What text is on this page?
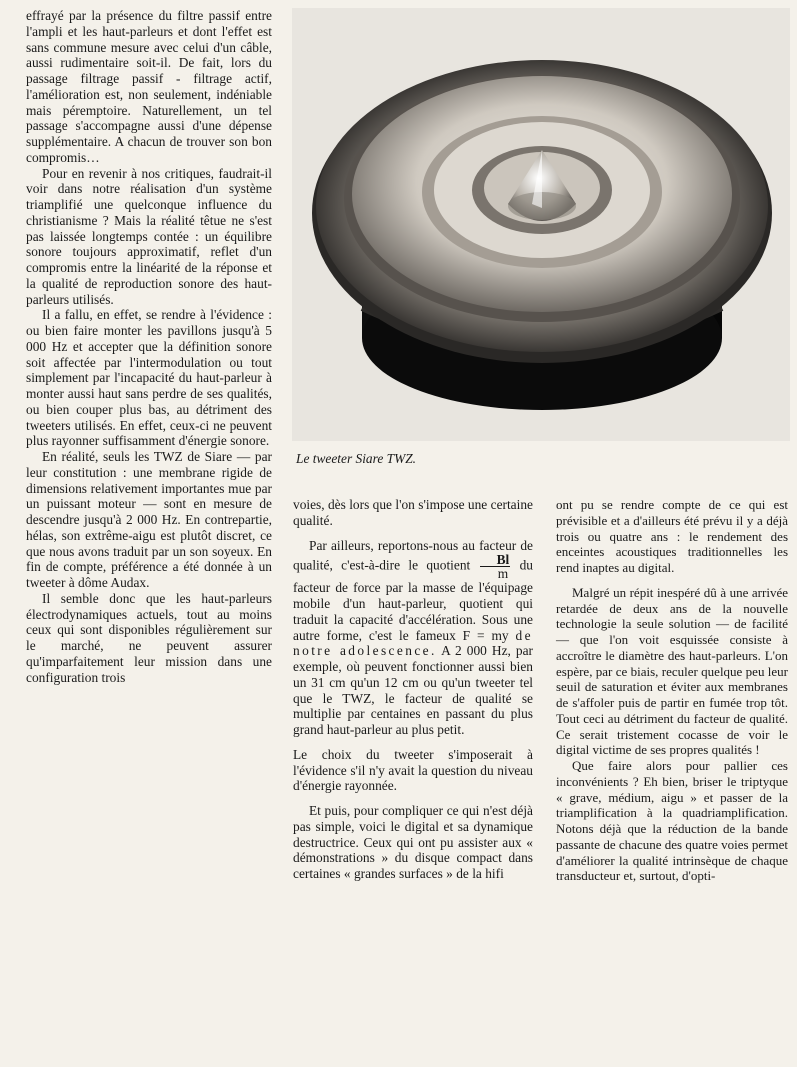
effrayé par la présence du filtre passif entre l'ampli et les haut-parleurs et dont l'effet est sans commune mesure avec celui d'un câble, aussi rudimentaire soit-il. De fait, lors du passage filtrage passif - filtrage actif, l'amélioration est, non seulement, indéniable mais péremptoire. Naturellement, un tel passage s'accompagne aussi d'une dépense supplémentaire. A chacun de trouver son bon compromis…

Pour en revenir à nos critiques, faudrait-il voir dans notre réalisation d'un système triamplifié une quelconque influence du christianisme ? Mais la réalité têtue ne s'est pas laissée longtemps contée : un équilibre sonore toujours approximatif, reflet d'un compromis entre la linéarité de la réponse et la qualité de reproduction sonore des haut-parleurs utilisés.

Il a fallu, en effet, se rendre à l'évidence : ou bien faire monter les pavillons jusqu'à 5 000 Hz et accepter que la définition sonore soit affectée par l'intermodulation ou tout simplement par l'incapacité du haut-parleur à monter aussi haut sans perdre de ses qualités, ou bien couper plus bas, au détriment des tweeters utilisés. En effet, ceux-ci ne peuvent plus rayonner suffisamment d'énergie sonore.

En réalité, seuls les TWZ de Siare — par leur constitution : une membrane rigide de dimensions relativement importantes mue par un puissant moteur — sont en mesure de descendre jusqu'à 2 000 Hz. En contrepartie, hélas, son extrême-aigu est plutôt discret, ce que nous avons traduit par un son soyeux. En fin de compte, préférence a été donnée à un tweeter à dôme Audax.

Il semble donc que les haut-parleurs électrodynamiques actuels, tout au moins ceux qui sont disponibles régulièrement sur le marché, ne peuvent assurer qu'imparfaitement leur mission dans une configuration trois

Le tweeter Siare TWZ.

voies, dès lors que l'on s'impose une certaine qualité.

Par ailleurs, reportons-nous au facteur de qualité, c'est-à-dire le quotient $\frac{Bl}{m}$ du facteur de force par la masse de l'équipage mobile d'un haut-parleur, quotient qui traduit la capacité d'accélération. Sous une autre forme, c'est le fameux F = my de notre adolescence. A 2 000 Hz, par exemple, où peuvent fonctionner aussi bien un 31 cm qu'un 12 cm ou qu'un tweeter tel que le TWZ, le facteur de qualité se multiplie par centaines en passant du plus grand haut-parleur au plus petit.

Le choix du tweeter s'imposerait à l'évidence s'il n'y avait la question du niveau d'énergie rayonnée.

Et puis, pour compliquer ce qui n'est déjà pas simple, voici le digital et sa dynamique destructrice. Ceux qui ont pu assister aux « démonstrations » du disque compact dans certaines « grandes surfaces » de la hifi

ont pu se rendre compte de ce qui est prévisible et a d'ailleurs été prévu il y a déjà trois ou quatre ans : le rendement des enceintes acoustiques traditionnelles les rend inaptes au digital.

Malgré un répit inespéré dû à une arrivée retardée de deux ans de la nouvelle technologie la seule solution — de facilité — que l'on voit esquissée consiste à accroître le diamètre des haut-parleurs. L'on espère, par ce biais, reculer quelque peu leur seuil de saturation et éviter aux membranes de s'affoler puis de partir en fumée trop tôt. Tout ceci au détriment du facteur de qualité. Ce serait tristement cocasse de voir le digital victime de ses propres qualités !

Que faire alors pour pallier ces inconvénients ? Eh bien, briser le triptyque « grave, médium, aigu » et passer de la triamplification à la quadriamplification. Notons déjà que la réduction de la bande passante de chacune des quatre voies permet d'améliorer la qualité intrinsèque de chaque transducteur et, surtout, d'opti-
